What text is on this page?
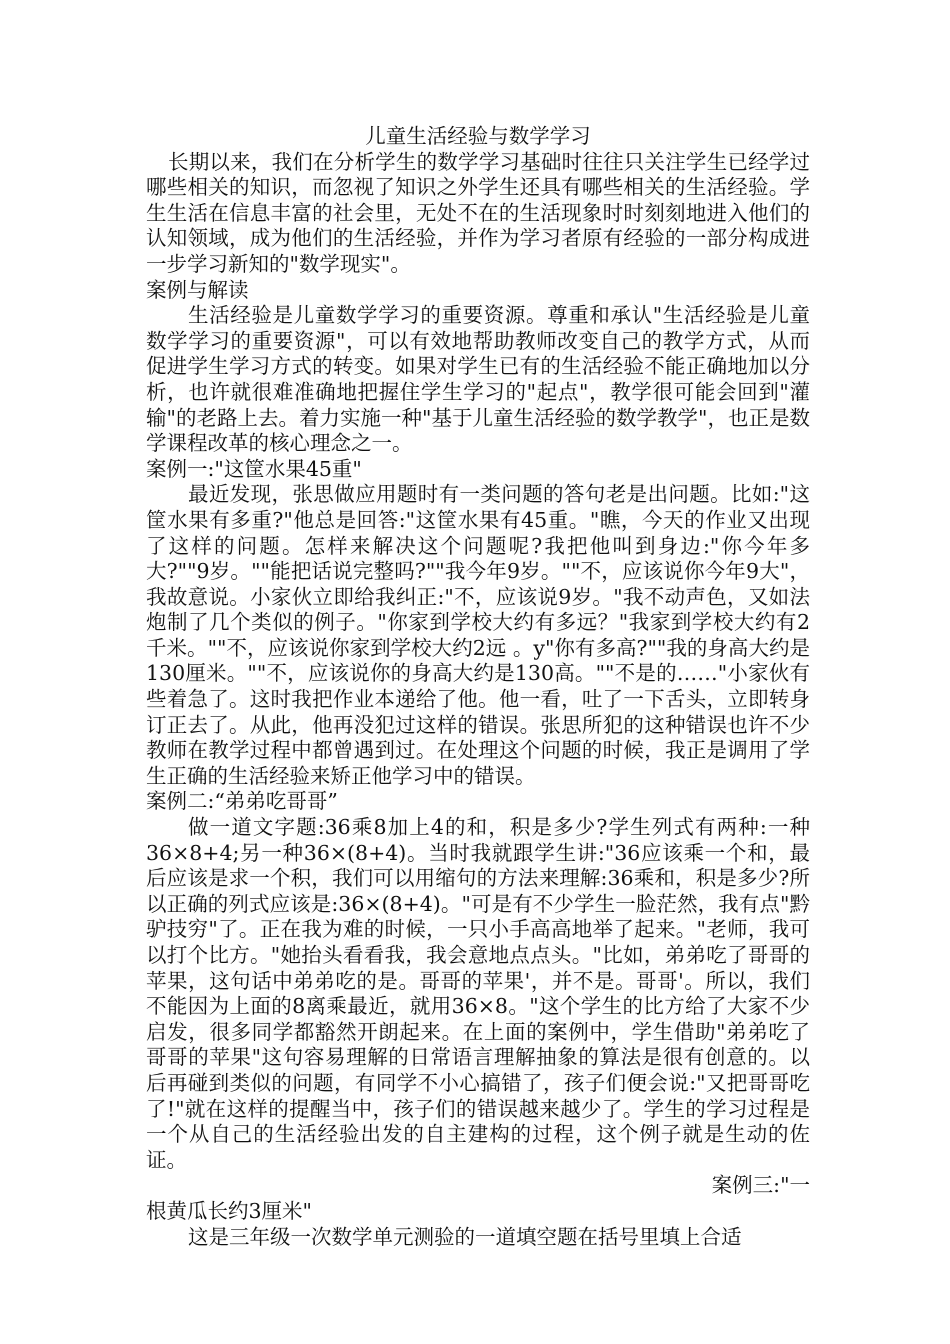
儿童生活经验与数学学习

长期以来，我们在分析学生的数学学习基础时往往只关注学生已经学过哪些相关的知识，而忽视了知识之外学生还具有哪些相关的生活经验。学生生活在信息丰富的社会里，无处不在的生活现象时时刻刻地进入他们的认知领域，成为他们的生活经验，并作为学习者原有经验的一部分构成进一步学习新知的"数学现实"。

案例与解读

生活经验是儿童数学学习的重要资源。尊重和承认"生活经验是儿童数学学习的重要资源"，可以有效地帮助教师改变自己的教学方式，从而促进学生学习方式的转变。如果对学生已有的生活经验不能正确地加以分析，也许就很难准确地把握住学生学习的"起点"，教学很可能会回到"灌输"的老路上去。着力实施一种"基于儿童生活经验的数学教学"，也正是数学课程改革的核心理念之一。

案例一:"这筐水果45重"

最近发现，张思做应用题时有一类问题的答句老是出问题。比如:"这筐水果有多重?"他总是回答:"这筐水果有45重。"瞧，今天的作业又出现了这样的问题。怎样来解决这个问题呢?我把他叫到身边:"你今年多大?""9岁。""能把话说完整吗?""我今年9岁。""不，应该说你今年9大"，我故意说。小家伙立即给我纠正:"不，应该说9岁。"我不动声色，又如法炮制了几个类似的例子。"你家到学校大约有多远？"我家到学校大约有2千米。""不，应该说你家到学校大约2远 。y"你有多高?""我的身高大约是130厘米。""不，应该说你的身高大约是130高。""不是的……"小家伙有些着急了。这时我把作业本递给了他。他一看，吐了一下舌头，立即转身订正去了。从此，他再没犯过这样的错误。张思所犯的这种错误也许不少教师在教学过程中都曾遇到过。在处理这个问题的时候，我正是调用了学生正确的生活经验来矫正他学习中的错误。

案例二:“弟弟吃哥哥”

做一道文字题:36乘8加上4的和，积是多少?学生列式有两种:一种36×8+4;另一种36×(8+4)。当时我就跟学生讲:"36应该乘一个和，最后应该是求一个积，我们可以用缩句的方法来理解:36乘和，积是多少?所以正确的列式应该是:36×(8+4)。"可是有不少学生一脸茫然，我有点"黔驴技穷"了。正在我为难的时候，一只小手高高地举了起来。"老师，我可以打个比方。"她抬头看看我，我会意地点点头。"比如，弟弟吃了哥哥的苹果，这句话中弟弟吃的是。哥哥的苹果'，并不是。哥哥'。所以，我们不能因为上面的8离乘最近，就用36×8。"这个学生的比方给了大家不少启发，很多同学都豁然开朗起来。在上面的案例中，学生借助"弟弟吃了哥哥的苹果"这句容易理解的日常语言理解抽象的算法是很有创意的。以后再碰到类似的问题，有同学不小心搞错了，孩子们便会说:"又把哥哥吃了!"就在这样的提醒当中，孩子们的错误越来越少了。学生的学习过程是一个从自己的生活经验出发的自主建构的过程，这个例子就是生动的佐证。

案例三:"一
根黄瓜长约3厘米"

这是三年级一次数学单元测验的一道填空题在括号里填上合适
